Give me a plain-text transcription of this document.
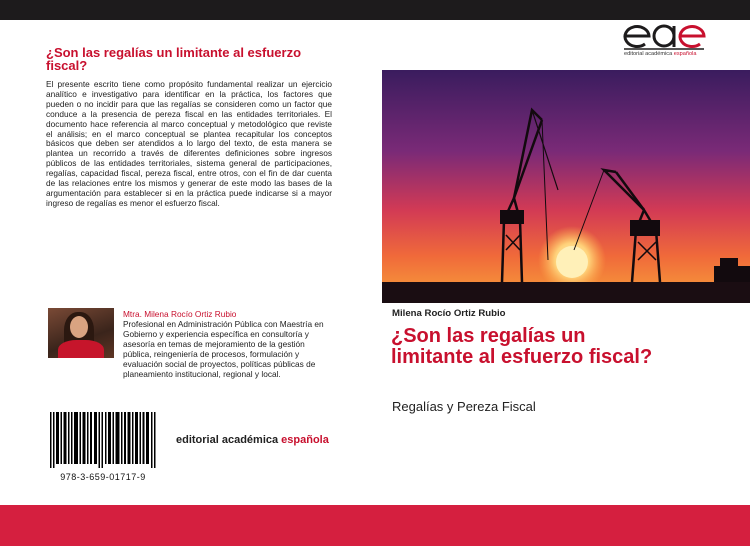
¿Son las regalías un limitante al esfuerzo fiscal?

El presente escrito tiene como propósito fundamental realizar un ejercicio analítico e investigativo para identificar en la práctica, los factores que pueden o no incidir para que las regalías se consideren como un factor que conduce a la presencia de pereza fiscal en las entidades territoriales. El documento hace referencia al marco conceptual y metodológico que reviste el análisis; en el marco conceptual se plantea recapitular los conceptos básicos que deben ser atendidos a lo largo del texto, de esta manera se plantea un recorrido a través de diferentes definiciones sobre ingresos públicos de las entidades territoriales, sistema general de participaciones, regalías, capacidad fiscal, pereza fiscal, entre otros, con el fin de dar cuenta de las relaciones entre los mismos y generar de este modo las bases de la argumentación para establecer si en la práctica puede indicarse si a mayor ingreso de regalías es menor el esfuerzo fiscal.

Mtra. Milena Rocío Ortiz Rubio

Profesional en Administración Pública con Maestría en Gobierno y experiencia específica en consultoría y asesoría en temas de mejoramiento de la gestión pública, reingeniería de procesos, formulación y evaluación social de proyectos, políticas públicas de planeamiento institucional, regional y local.

978-3-659-01717-9

editorial académica española

editorial académica española

Milena Rocío Ortiz Rubio

¿Son las regalías un limitante al esfuerzo fiscal?

Regalías y Pereza Fiscal
